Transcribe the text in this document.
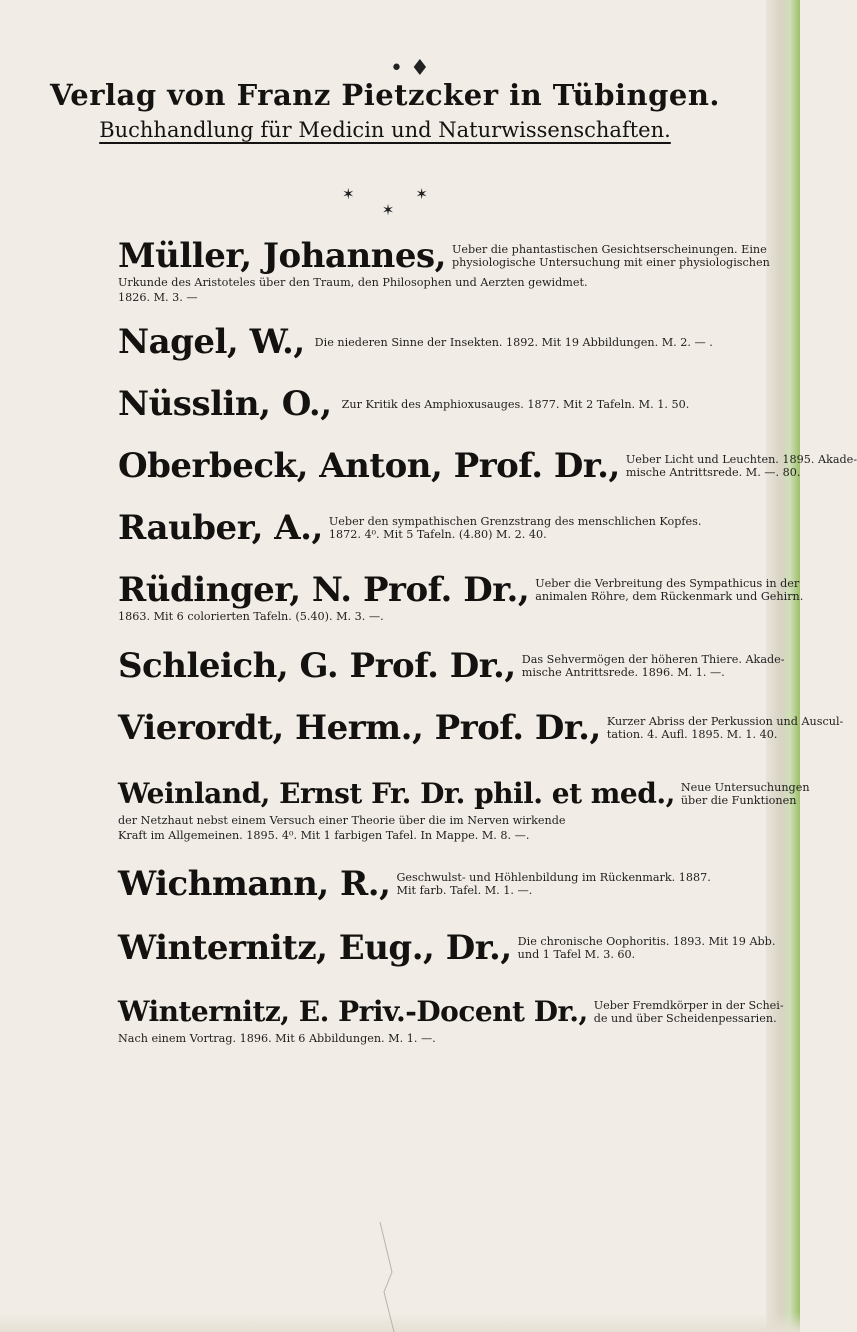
• ♦
Verlag von Franz Pietzcker in Tübingen.
Buchhandlung für Medicin und Naturwissenschaften.
✶	✶
✶
Müller, Johannes, Ueber die phantastischen Gesichtserscheinungen. Eine
physiologische Untersuchung mit einer physiologischen
Urkunde des Aristoteles über den Traum, den Philosophen und Aerzten gewidmet.
1826. M. 3. —
Nagel, W., Die niederen Sinne der Insekten. 1892. Mit 19 Abbildungen. M. 2. — .
Nüsslin, O., Zur Kritik des Amphioxusauges. 1877. Mit 2 Tafeln. M. 1. 50.
Oberbeck, Anton, Prof. Dr., Ueber Licht und Leuchten. 1895. Akade-
mische Antrittsrede. M. —. 80.
Rauber, A., Ueber den sympathischen Grenzstrang des menschlichen Kopfes.
1872. 4⁰. Mit 5 Tafeln. (4.80) M. 2. 40.
Rüdinger, N. Prof. Dr., Ueber die Verbreitung des Sympathicus in der
animalen Röhre, dem Rückenmark und Gehirn.
1863. Mit 6 colorierten Tafeln. (5.40). M. 3. —.
Schleich, G. Prof. Dr., Das Sehvermögen der höheren Thiere. Akade-
mische Antrittsrede. 1896. M. 1. —.
Vierordt, Herm., Prof. Dr., Kurzer Abriss der Perkussion und Auscul-
tation. 4. Aufl. 1895. M. 1. 40.
Weinland, Ernst Fr. Dr. phil. et med., Neue Untersuchungen
über die Funktionen
der Netzhaut nebst einem Versuch einer Theorie über die im Nerven wirkende
Kraft im Allgemeinen. 1895. 4⁰. Mit 1 farbigen Tafel. In Mappe. M. 8. —.
Wichmann, R., Geschwulst- und Höhlenbildung im Rückenmark. 1887.
Mit farb. Tafel. M. 1. —.
Winternitz, Eug., Dr., Die chronische Oophoritis. 1893. Mit 19 Abb.
und 1 Tafel M. 3. 60.
Winternitz, E. Priv.-Docent Dr., Ueber Fremdkörper in der Schei-
de und über Scheidenpessarien.
Nach einem Vortrag. 1896. Mit 6 Abbildungen. M. 1. —.
